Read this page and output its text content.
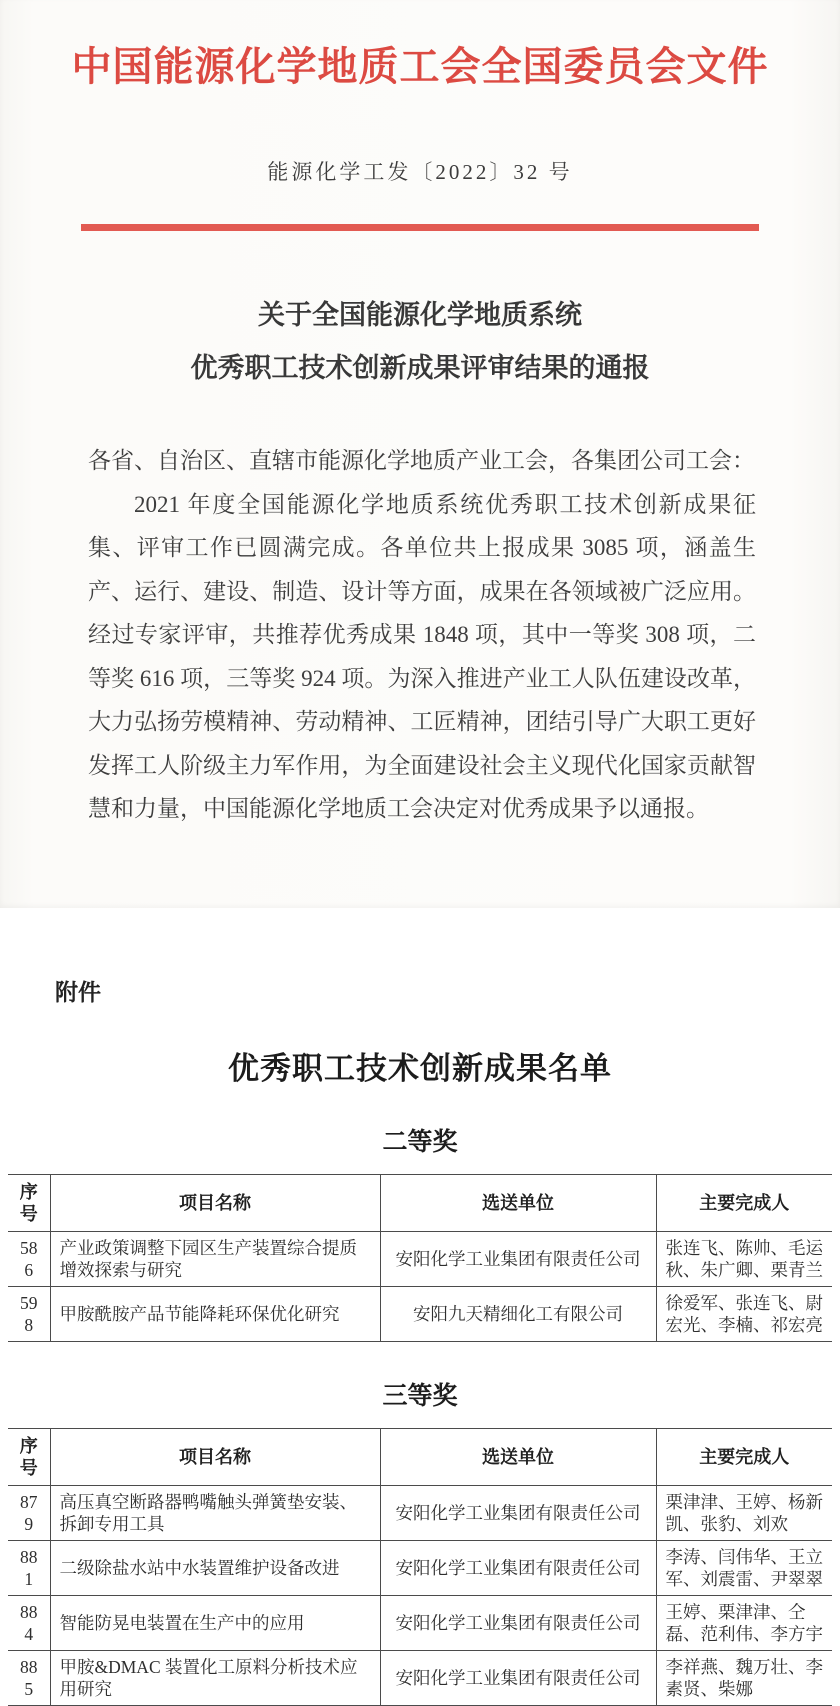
中国能源化学地质工会全国委员会文件
能源化学工发〔2022〕32 号
关于全国能源化学地质系统
优秀职工技术创新成果评审结果的通报

各省、自治区、直辖市能源化学地质产业工会，各集团公司工会：

2021 年度全国能源化学地质系统优秀职工技术创新成果征集、评审工作已圆满完成。各单位共上报成果 3085 项，涵盖生产、运行、建设、制造、设计等方面，成果在各领域被广泛应用。经过专家评审，共推荐优秀成果 1848 项，其中一等奖 308 项，二等奖 616 项，三等奖 924 项。为深入推进产业工人队伍建设改革，大力弘扬劳模精神、劳动精神、工匠精神，团结引导广大职工更好发挥工人阶级主力军作用，为全面建设社会主义现代化国家贡献智慧和力量，中国能源化学地质工会决定对优秀成果予以通报。

附件
优秀职工技术创新成果名单
二等奖
序号	项目名称	选送单位	主要完成人
586	产业政策调整下园区生产装置综合提质增效探索与研究	安阳化学工业集团有限责任公司	张连飞、陈帅、毛运秋、朱广卿、栗青兰
598	甲胺酰胺产品节能降耗环保优化研究	安阳九天精细化工有限公司	徐爱军、张连飞、尉宏光、李楠、祁宏亮
三等奖
序号	项目名称	选送单位	主要完成人
879	高压真空断路器鸭嘴触头弹簧垫安装、拆卸专用工具	安阳化学工业集团有限责任公司	栗津津、王婷、杨新凯、张豹、刘欢
881	二级除盐水站中水装置维护设备改进	安阳化学工业集团有限责任公司	李涛、闫伟华、王立军、刘震雷、尹翠翠
884	智能防晃电装置在生产中的应用	安阳化学工业集团有限责任公司	王婷、栗津津、仝磊、范利伟、李方宇
885	甲胺&DMAC 装置化工原料分析技术应用研究	安阳化学工业集团有限责任公司	李祥燕、魏万壮、李素贤、柴娜
